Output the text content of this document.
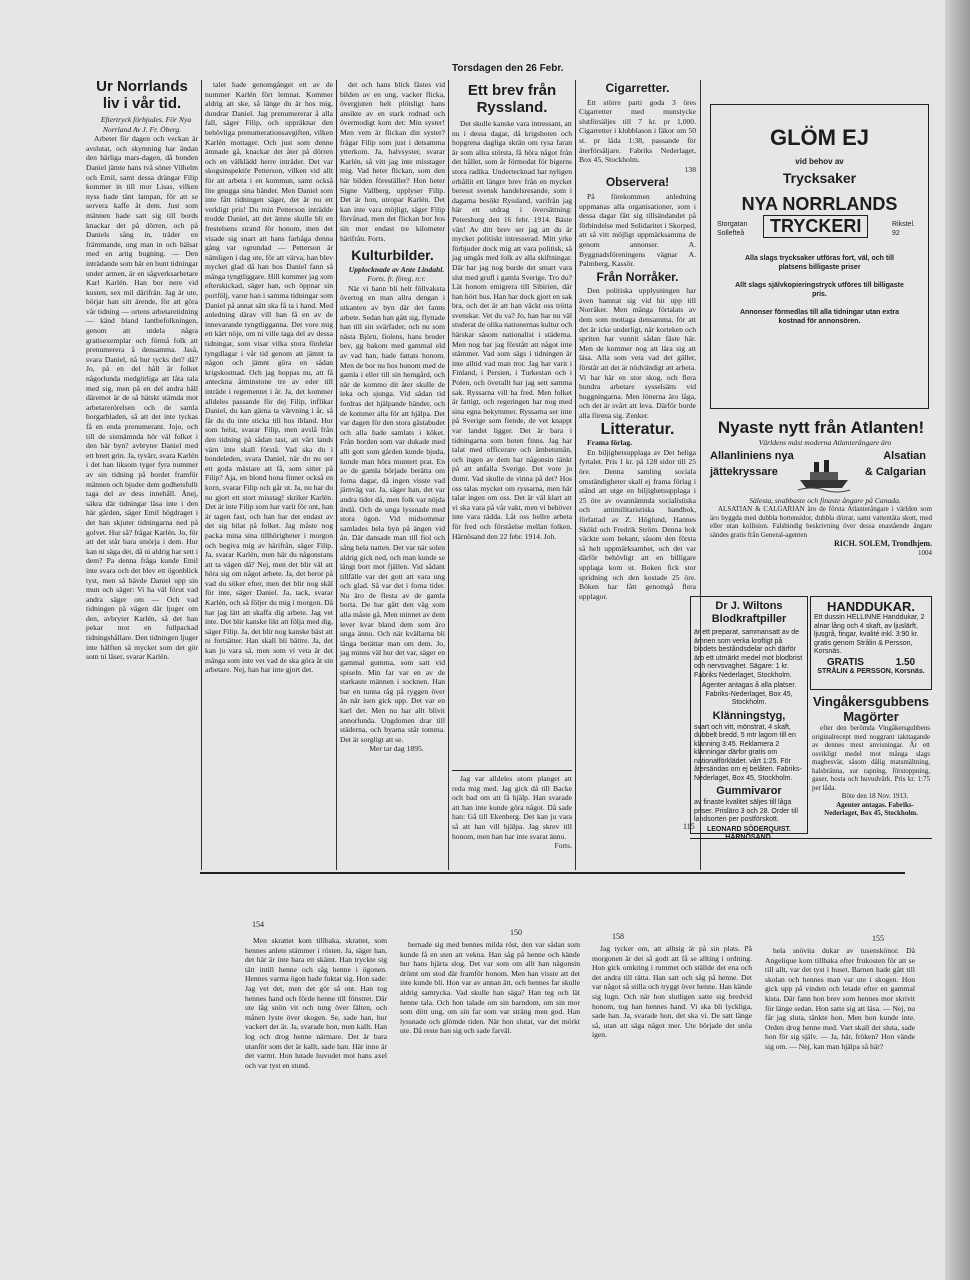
Torsdagen den 26 Febr.
Ur Norrlands liv i vår tid.

Eftertryck förbjudes. För Nya Norrland Av J. Fr. Öberg.

Arbetet för dagen och veckan är avslutat, och skymning har ändan den härliga mars-dagen, då bonden Daniel jämte hans två söner Vilhelm och Emil, samt dessa drängar Filip kommer in till mor Lisas, vilken nyss hade tänt lampan, för att se servera kaffe åt dem. Just som männen hade satt sig till bords knackar det på dörren, och på Daniels sång in, träder en främmande, ung man in och hälsar med en artig bugning. — Den inträdande som bär en bunt tidningar under armen, är en sågverksarbetare Karl Karlén. Han bor nere vid kusten, sex mil därifrån. Jag är ute, börjar han sitt ärende, för att göra vår tidning — ortens arbetaretidning — känd bland lantbefolkningen, genom att utdela några gratisexemplar och förmå folk att prenumerera å densamma. Jaså, svara Daniel, nå hur tycks det? då? Jo, på en del håll är folket någorlunda medgörliga att låta tala med sig, men på en del andra håll däremot är de så hätskt stämda mot arbetarerörelsen och de samla borgarbladen, så att det inte tyckas få en enda prenumerant. Jojo, och till de sistnämnda hör väl folket i den här byn? avbryter Daniel med ett brett grin. Ja, tyvärr, svara Karlén i det han liksom tyger fyra nummer av sin tidning på bordet framför männen och bjuder dem godhetsfullt taga del av dess innehåll. Ånej, säkra där tidningar läsa inte i den här gården, säger Emil högdraget i det han skjuter tidningarna ned på golvet. Hur så? frågar Karlén. Jo, för att det står bara smörja i dem. Hur kan ni säga det, då ni aldrig har sett i dem? Pa denna fråga kunde Emil inte svara och det blev ett ögonblick tyst, men så hävde Daniel upp sin mun och säger: Vi ha väl förut vad andra säger om — Och vad tidningen på vägen där ljuger om den, avbryter Karlén, så det han pekar mot en fullpackad tidningshållare. Den tidningen ljuger inte hälften så mycket som det gör som ni läser, svarar Karlén.

talet hade genomgånget ett av de nummer Karlén fört lemnat. Kommer aldrig att ske, så länge du är hos mig, dundrar Daniel. Jag prenumererar å alla fall, säger Filip, och uppräknar den behövliga prenumerationsavgiften, vilken Karlén mottager. Och just som denne ämnade gå, knackar det åter på dörren och en välklädd herre inträder. Det var skogsinspektör Petterson, vilken vid allt för att arbeta i en kommun, samt också lite gnugga sina händer. Men Daniel som inte fått tidningen säger, det är nu ett verkligt pris! Du min Petterson inträdde trodde Daniel, att det ämne skulle bli en frestelsens strand för honom, men det visade sig snart att hans farhåga denna gång var ogrundad — Petterson är nämligen i dag ute, för att värva, han blev mycket glad då han hos Daniel fann så många tyngtliggare. Hill kommer jag som efterskickad, säger han, och öppnar sin portfölj, varur han i samma tidningar som Daniel på annat sätt ska få ta i hand. Med anledning därav vill han få en av de innevarande tyngtligganna. Det vore mig ett kärt nöje, om ni ville taga del av dessa tidningar, som visar vilka stora fördelar tyngdlagar i vår tid genom att jämnt ta någon och jämnt göra en sådan krigskostnad. Och jag hoppas nu, att få anteckna åtminstone tre av eder till inträde i regementet i år. Ja, det kommer alldeles passande för dej Filip, inflikar Daniel, du kan gärna ta värvning i år, så får du du inte sticka till hus ibland. Hur som helst, svarar Filip, men avslå från den tidning på sådan tast, att vårt lands värn inte skall förstå. Vad ska du i bondeleden, svara Daniel, när du nu ser ett goda mästare att få, som sitter på Filip? Aja, en blond hona finner också en korn, svarar Filip och går ut. Ja, nu har du nu gjort ett stort misstag! skriker Karlén. Det är inte Filip som har varit för ont, han är tagen fast, och han har det endast av det sig bilat på folket. Jag måste nog packa mina sina tillhörigheter i morgon och begiva mig av härifrån, säger Filip. Ja, svarar Karlén, men här du någonstans att ta vägen då? Nej, men det blir väl att höra sig om något arbete. Ja, det beror på vad du söker efter, men det blir nog skäl för inte, säger Daniel. Ja, tack, svarar Karlén, och så följer du mig i morgon. Då har jag lätt att skaffa dig arbete. Jag vet inte. Det blir kanske likt att följa med dig, säger Filip. Ja, det blir nog kanske bäst att ni fortsätter. Han skall bli bättre. Ja, det kan ju vara så, men som vi veta är det många som inte vet vad de ska göra åt sin arbetare. Nej, han har inte gjort det.

det och hans blick fästes vid bilden av en ung, vacker flicka, övergjuten helt plötsligt hans ansikte av en stark rodnad och övermodigt kom det: Min syster! Men vem är flickan din syster? frågar Filip som just i detsamma ytterkom. Ja, halvsyster, svarar Karlén, så vitt jag inte misstager mig. Vad heter flickan, som den här bilden föreställer? Hon heter Signe Vallberg, upplyser Filip. Det är hon, utropar Karlén. Det kan inte vara möjligt, säger Filip förvånad, men det flickan bor hos sin mor endast tre kilometer härifrån. Forts.

Kulturbilder.

Upplocknade av Ante Lindahl.

Forts. fr. föreg. n:r.

När vi hann bli helt föllvaksta övertog en man allra dengan i utkanten av byn där det fanns arbete. Sedan han gått sig, flyttade han till sin svärfader, och nu som nästa Björn, fiolens, hans broder bev, gg bakom med gammal eld av vad han, hade fattats honom. Men de bor nu hos honom med de gamla i eller till sin hemgård, och när de kommo dit åter skulle de leka och sjunga. Vid sådan tid fordras det hjälpande händer, och de kommer alla för att hjälpa. Det var dagen för den stora gästabudet och alla hade samlats i köket. Från borden som var dukade med allt gott som gården kunde bjuda, kunde man höra muntert prat. En av de gamla började berätta om forna dagar, då ingen visste vad järnväg var. Ja, säger han, det var andra tider då, men folk var nöjda ändå. Och de unga lyssnade med stora ögon. Vid midsommar samlades hela byn på ängen vid ån. Där dansade man till fiol och sång hela natten. Det var när solen aldrig gick ned, och man kunde se långt bort mot fjällen. Vid sådant tillfälle var det gott att vara ung och glad. Så var det i forna tider. Nu äro de flesta av de gamla borta. De har gått den väg som alla måste gå. Men minnet av dem lever kvar bland dem som äro unga ännu. Och när kvällarna bli långa berättar man om dem. Jo, jag minns väl hur det var, säger en gammal gumma, som satt vid spiseln. Min far var en av de starkaste männen i socknen. Han bar en tunna råg på ryggen över ån när isen gick upp. Det var en karl det. Men nu har allt blivit annorlunda. Ungdomen drar till städerna, och byarna står tomma. Det är sorgligt att se.

Mer tar dag 1895.

Ett brev från Ryssland.

Det skulle kanske vara intressant, att nu i dessa dagar, då krigshoten och hopgrena dagliga skrän om rysa faran är som allra största, få höra något från det hållet, som år förmodat för bigerns stora radika. Undertecknad har nyligen erhållit ett längre brev från en mycket beresst svensk handelsresande, som i dagarna besökt Ryssland, varifrån jag här ett utdrag i översättning: Petersburg den 16 febr. 1914. Bäste vän! Av ditt brev ser jag att du är mycket politiskt intresserad. Mitt yrke förbjuder dock mig att vara politisk, så jag umgås med folk av alla skiftningar. Där har jag nog burde det smart vara slut med grufl i gamla Sverige. Tro du? Lät honom emigrera till Sibirien, där han hört hus. Han har dock gjort en sak bra, och det är att han väckt oss trötta svenskar. Vet du va? Jo, han har nu väl studerat de olika nationernas kultur och härskar såsom nationalist i städerna. Men nog har jag förstått att något inte stämmer. Vad som sägs i tidningen är inte alltid vad man tror. Jag har varit i Finland, i Persien, i Turkestan och i Polen, och överallt har jag sett samma sak. Ryssarna vill ha fred. Men folket är fattigt, och regeringen har nog med sina egna bekymmer. Ryssarna ser inte på Sverige som fiende, de vet knappt var landet ligger. Det är bara i tidningarna som hoten finns. Jag har talat med officerare och ämbetsmän, och ingen av dem har någonsin tänkt på att anfalla Sverige. Det vore ju dumt. Vad skulle de vinna på det? Hos oss talas mycket om ryssarna, men här talar ingen om oss. Det är väl klart att vi ska vara på vår vakt, men vi behöver inte vara rädda. Låt oss hellre arbeta för fred och förståelse mellan folken. Härnösand den 22 febr. 1914. Joh.

Jag var alldeles utom planget att reda mig med. Jag gick då till Backe och bad om att få hjälp. Han svarade att han inte kunde göra något. Då sade han: Gå till Ekenberg. Det kan ju vara så att han vill hjälpa. Jag skrev till honom, men han har inte svarat ännu.

Forts.

Cigarretter.

Ett större parti goda 3 öres Cigarretter med munstycke slutförsäljes till 7 kr. pr 1,000. Cigarretter i klubblason i fäkor om 50 st. pr låda 1:38, passande för återförsäljare. Fabriks Nederlaget, Box 45, Stockholm.

138

Observera!

På förekommen anledning uppmanas alla organisationer, som i dessa dagar fått sig tillsändandet på förbindelse med Solidaritet i Skorped, att så vitt möjligt uppmärksamma de genom annonser. A. Byggnadsföreningens vägnar A. Palmberg, Kassör.

Från Norråker.

Den politiska upplysningen har även hamnat sig vid hit upp till Norråker. Men många förtalats av dem som mottaga densamma, för att det är icke underligt, när korteken och spriten har vunnit sådan fäste här. Men de kommer nog att lära sig att läsa. Alla som veta vad det gäller, förstår att det är nödvändigt att arbeta. Vi har här en stor skog, och flera hundra arbetare sysselsätts vid huggningarna. Men lönerna äro låga, och det är svårt att leva. Därför borde alla förena sig. Zenker.

Litteratur.

Frama förlag.

En biljighetsupplaga av Det heliga fyrtalet. Pris 1 kr. på 128 sidor till 25 öre. Denna samling sociala omständigheter skall ej frama förlag i stånd att utge en biljighetsupplaga i 25 öre av ovannämnda socialistiska och antimilitaristiska handbok, författad av Z. Höglund, Hannes Sköld och Fredrik Ström. Denna bok väckte som bekant, såsom den första så helt uppmärksamhet, och det var därför behövligt att en billigare upplaga kom ut. Boken fick stor spridning och den kostade 25 öre. Böken har fått genomgå flera upplagor.

GLÖM EJ
vid behov av
Trycksaker
NYA NORRLANDS
Storgatan Sollefteå	TRYCKERI	Rikstel. 92
Alla slags trycksaker utföras fort, väl, och till platsens billigaste priser
Allt slags självkopieringstryck utföres till billigaste pris.
Annonser förmedlas till alla tidningar utan extra kostnad för annonsören.
Nyaste nytt från Atlanten!

Världens mäst moderna Atlanterångare äro

Allanliniens nya
jättekryssare
Alsatian
& Calgarian

Sälesta, snabbaste och finaste ångare på Canada.

ALSATIAN & CALGARIAN äro de första Atlanterångare i världen som äro byggda med dubbla bottensidor, dubbla dörrar, samt vattentäta skott, med eller utan kollision. Falsbindig beskrivning över dessa enastående ångare sändes gratis från General-agenten

RICH. SOLEM, Trondhjem.
1004
Dr J. Wiltons Blodkraftpiller

är ett preparat, sammansatt av de ämnen som verka kroftigt på blodets beståndsdelar och därför äro ett utmärkt medel mot blodbrist och nervsvaghet. Sägare: 1 kr. Fabriks Nederlaget, Stockholm.

Agenter antagas å alla platser. Fabriks-Nederlaget, Box 45, Stockholm.

Klänningstyg,

svart och vitt, mönstrat, 4 skaft, dubbelt bredd, 5 mtr lagom till en klänning 3:45. Reklamera 2 klänningar därfor gratis om nationalförklädet. vårt 1:25. För återsändas om ej belåten. Fabriks-Nederlaget, Box 45, Stockholm.

Gummivaror

av finaste kvalitet säljes till låga priser. Prisläro 3 och 28. Order till landsorten per postförskott.

LEONARD SÖDERQUIST.

115
HANDDUKAR.

Ett dussin HELLINNE Handdukar, 2 alnar lång och 4 skaft, av ljuslärft, ljusgrå, fingar, kvalité inkl. 3:90 kr. gratis genom Strålin & Persson, Korsnäs.

GRATIS	1.50
STRÅLIN & PERSSON, Korsnäs.
Vingåkersgubbens Magörter

efter den berömda Vingåkersgubbens originalrecept med noggrant iakttagande av dennes mest anvisningar. Är ett osvikligt medel mot många slags magbesvär, såsom dålig matsmältning, halsbränna, sur rapning, förstoppning, gaser, hosta och huvudvärk. Pris kr. 1:75 per låda.

Böte den 18 Nov. 1913.

Agenter antagas. Fabriks-Nederlaget, Box 45, Stockholm.

154

Men skrattet kom tillbaka, skrattet, som hennes anlete stämmer i rösten. Ja, säger han, det här är inte bara ett skämt. Han tryckte sig tätt intill henne och såg henne i ögonen. Hennes varma ögon hade fuktat sig. Hon sade: Jag vet det, men det gör så ont. Han tog hennes hand och förde henne till fönstret. Där ute låg snön vit och tung över fälten, och månen lyste över skogen. Se, sade han, hur vackert det är. Ja, svarade hon, men kallt. Han log och drog henne närmare. Det är bara utanför som det är kallt, sade han. Här inne är det varmt. Hon lutade huvudet mot hans axel och var tyst en stund.

150

bernade sig med bennes milda röst, den var sådan som kunde få en sten att vekna. Han såg på henne och kände hur hans hjärta slog. Det var som om allt han någonsin drömt om stod där framför honom. Men han visste att det inte kunde bli. Hon var av annan ätt, och hennes far skulle aldrig samtycka. Vad skulle han säga? Han teg och lät henne tala. Och hon talade om sin barndom, om sin mor som dött ung, om sin far som var sträng men god. Han lyssnade och glömde tiden. När hon slutat, var det mörkt ute. Då reste han sig och sade farväl.

158

Jag tycker om, att alltsig är på sin plats. På morgonen är det så godt att få se allting i ordning. Hon gick omkring i rummet och ställde det ena och det andra till rätta. Han satt och såg på henne. Det var något så stilla och tryggt över henne. Han kände sig lugn. Och när hon slutligen satte sig bredvid honom, tog han hennes hand. Vi ska bli lyckliga, sade han. Ja, svarade hon, det ska vi. De satt länge så, utan att säga något mer. Ute började det snöa igen.

155

hela snövita dukar av tusenskönor. Då Angelique kom tillbaka efter frukosten för att se till allt, var det tyst i huset. Barnen hade gått till skolan och hennes man var ute i skogen. Hon gick upp på vinden och letade efter en gammal kista. Där fann hon brev som hennes mor skrivit för länge sedan. Hon satte sig att läsa. — Nej, nu får jag sluta, tänkte hon. Men hon kunde inte. Orden drog henne med. Vart skall det sluta, sade hon för sig själv. — Ja, här, fröken? Hon vände sig om. — Nej, kan man hjälpa så här?
